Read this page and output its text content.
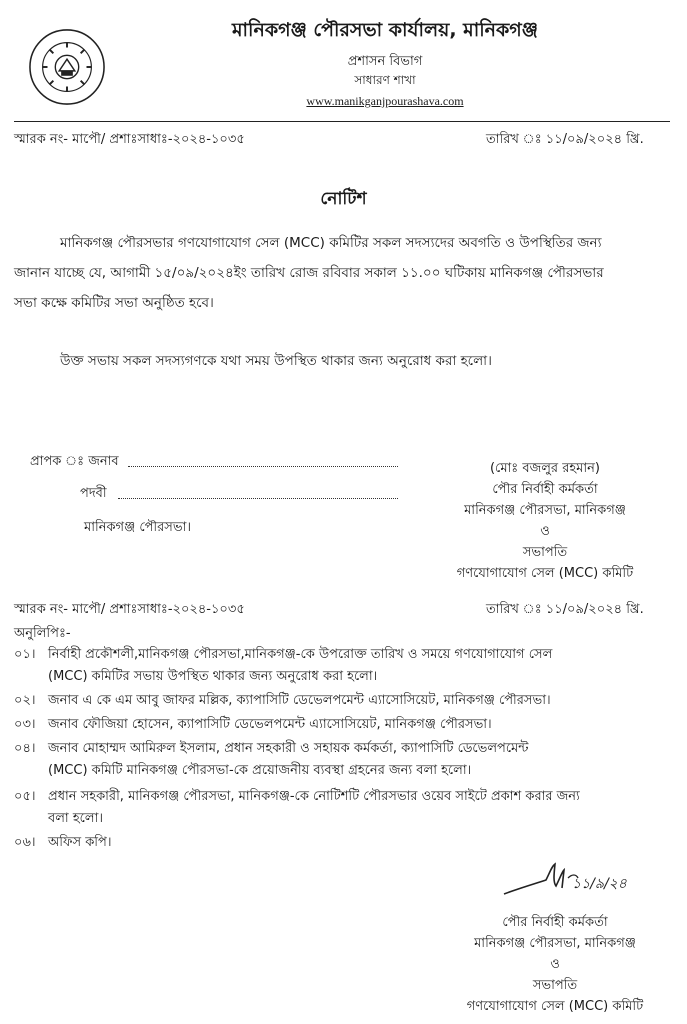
মানিকগঞ্জ পৌরসভা কার্যালয়, মানিকগঞ্জ
প্রশাসন বিভাগ
সাধারণ শাখা
www.manikganjpourashava.com
স্মারক নং- মাপৌ/ প্রশাঃসাধাঃ-২০২৪-১০৩৫	তারিখ ঃ ১১/০৯/২০২৪ খ্রি.
নোটিশ
মানিকগঞ্জ পৌরসভার গণযোগাযোগ সেল (MCC) কমিটির সকল সদস্যদের অবগতি ও উপস্থিতির জন্য
জানান যাচ্ছে যে, আগামী ১৫/০৯/২০২৪ইং তারিখ রোজ রবিবার সকাল ১১.০০ ঘটিকায় মানিকগঞ্জ পৌরসভার
সভা কক্ষে কমিটির সভা অনুষ্ঠিত হবে।
উক্ত সভায় সকল সদস্যগণকে যথা সময় উপস্থিত থাকার জন্য অনুরোধ করা হলো।
প্রাপক ঃ জনাব
পদবী
মানিকগঞ্জ পৌরসভা।
(মোঃ বজলুর রহমান)
পৌর নির্বাহী কর্মকর্তা
মানিকগঞ্জ পৌরসভা, মানিকগঞ্জ
ও
সভাপতি
গণযোগাযোগ সেল (MCC) কমিটি
স্মারক নং- মাপৌ/ প্রশাঃসাধাঃ-২০২৪-১০৩৫	তারিখ ঃ ১১/০৯/২০২৪ খ্রি.
অনুলিপিঃ-
০১। নির্বাহী প্রকৌশলী,মানিকগঞ্জ পৌরসভা,মানিকগঞ্জ-কে উপরোক্ত তারিখ ও সময়ে গণযোগাযোগ সেল
(MCC) কমিটির সভায় উপস্থিত থাকার জন্য অনুরোধ করা হলো।
০২। জনাব এ কে এম আবু জাফর মল্লিক, ক্যাপাসিটি ডেভেলপমেন্ট এ্যাসোসিয়েট, মানিকগঞ্জ পৌরসভা।
০৩। জনাব ফৌজিয়া হোসেন, ক্যাপাসিটি ডেভেলপমেন্ট এ্যাসোসিয়েট, মানিকগঞ্জ পৌরসভা।
০৪। জনাব মোহাম্মদ আমিরুল ইসলাম, প্রধান সহকারী ও সহায়ক কর্মকর্তা, ক্যাপাসিটি ডেভেলপমেন্ট
(MCC) কমিটি মানিকগঞ্জ পৌরসভা-কে প্রয়োজনীয় ব্যবস্থা গ্রহনের জন্য বলা হলো।
০৫। প্রধান সহকারী, মানিকগঞ্জ পৌরসভা, মানিকগঞ্জ-কে নোটিশটি পৌরসভার ওয়েব সাইটে প্রকাশ করার জন্য
বলা হলো।
০৬। অফিস কপি।
১১/৯/২৪
পৌর নির্বাহী কর্মকর্তা
মানিকগঞ্জ পৌরসভা, মানিকগঞ্জ
ও
সভাপতি
গণযোগাযোগ সেল (MCC) কমিটি
